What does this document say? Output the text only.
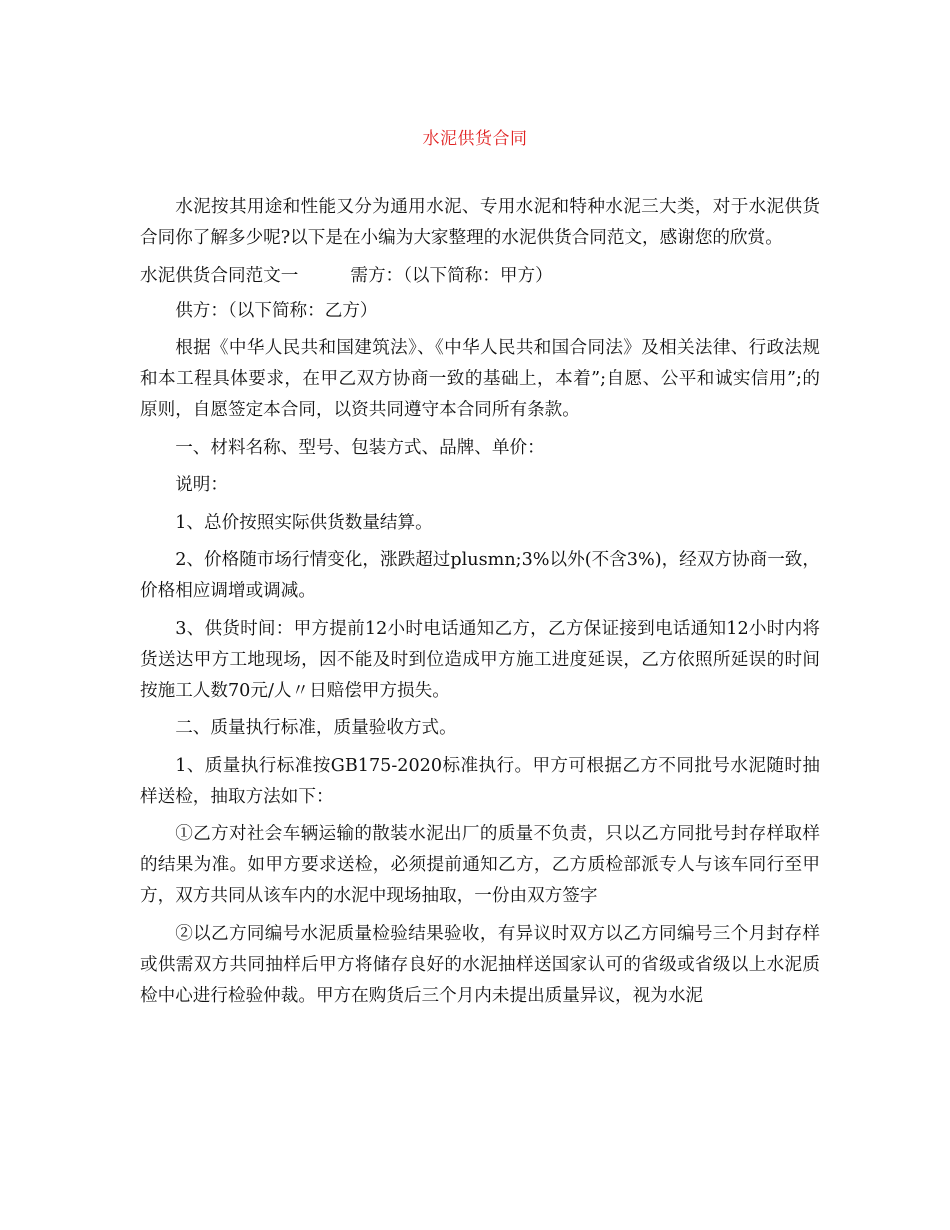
水泥供货合同

水泥按其用途和性能又分为通用水泥、专用水泥和特种水泥三大类，对于水泥供货合同你了解多少呢?以下是在小编为大家整理的水泥供货合同范文，感谢您的欣赏。

水泥供货合同范文一	需方：（以下简称：甲方）

供方：（以下简称：乙方）

根据《中华人民共和国建筑法》、《中华人民共和国合同法》及相关法律、行政法规和本工程具体要求，在甲乙双方协商一致的基础上，本着”;自愿、公平和诚实信用”;的原则，自愿签定本合同，以资共同遵守本合同所有条款。

一、材料名称、型号、包装方式、品牌、单价：

说明：

1、总价按照实际供货数量结算。

2、价格随市场行情变化，涨跌超过plusmn;3%以外(不含3%)，经双方协商一致，价格相应调增或调减。

3、供货时间：甲方提前12小时电话通知乙方，乙方保证接到电话通知12小时内将货送达甲方工地现场，因不能及时到位造成甲方施工进度延误，乙方依照所延误的时间按施工人数70元/人〃日赔偿甲方损失。

二、质量执行标准，质量验收方式。

1、质量执行标准按GB175-2020标准执行。甲方可根据乙方不同批号水泥随时抽样送检，抽取方法如下：

①乙方对社会车辆运输的散装水泥出厂的质量不负责，只以乙方同批号封存样取样的结果为准。如甲方要求送检，必须提前通知乙方，乙方质检部派专人与该车同行至甲方，双方共同从该车内的水泥中现场抽取，一份由双方签字

②以乙方同编号水泥质量检验结果验收，有异议时双方以乙方同编号三个月封存样或供需双方共同抽样后甲方将储存良好的水泥抽样送国家认可的省级或省级以上水泥质检中心进行检验仲裁。甲方在购货后三个月内未提出质量异议，视为水泥
